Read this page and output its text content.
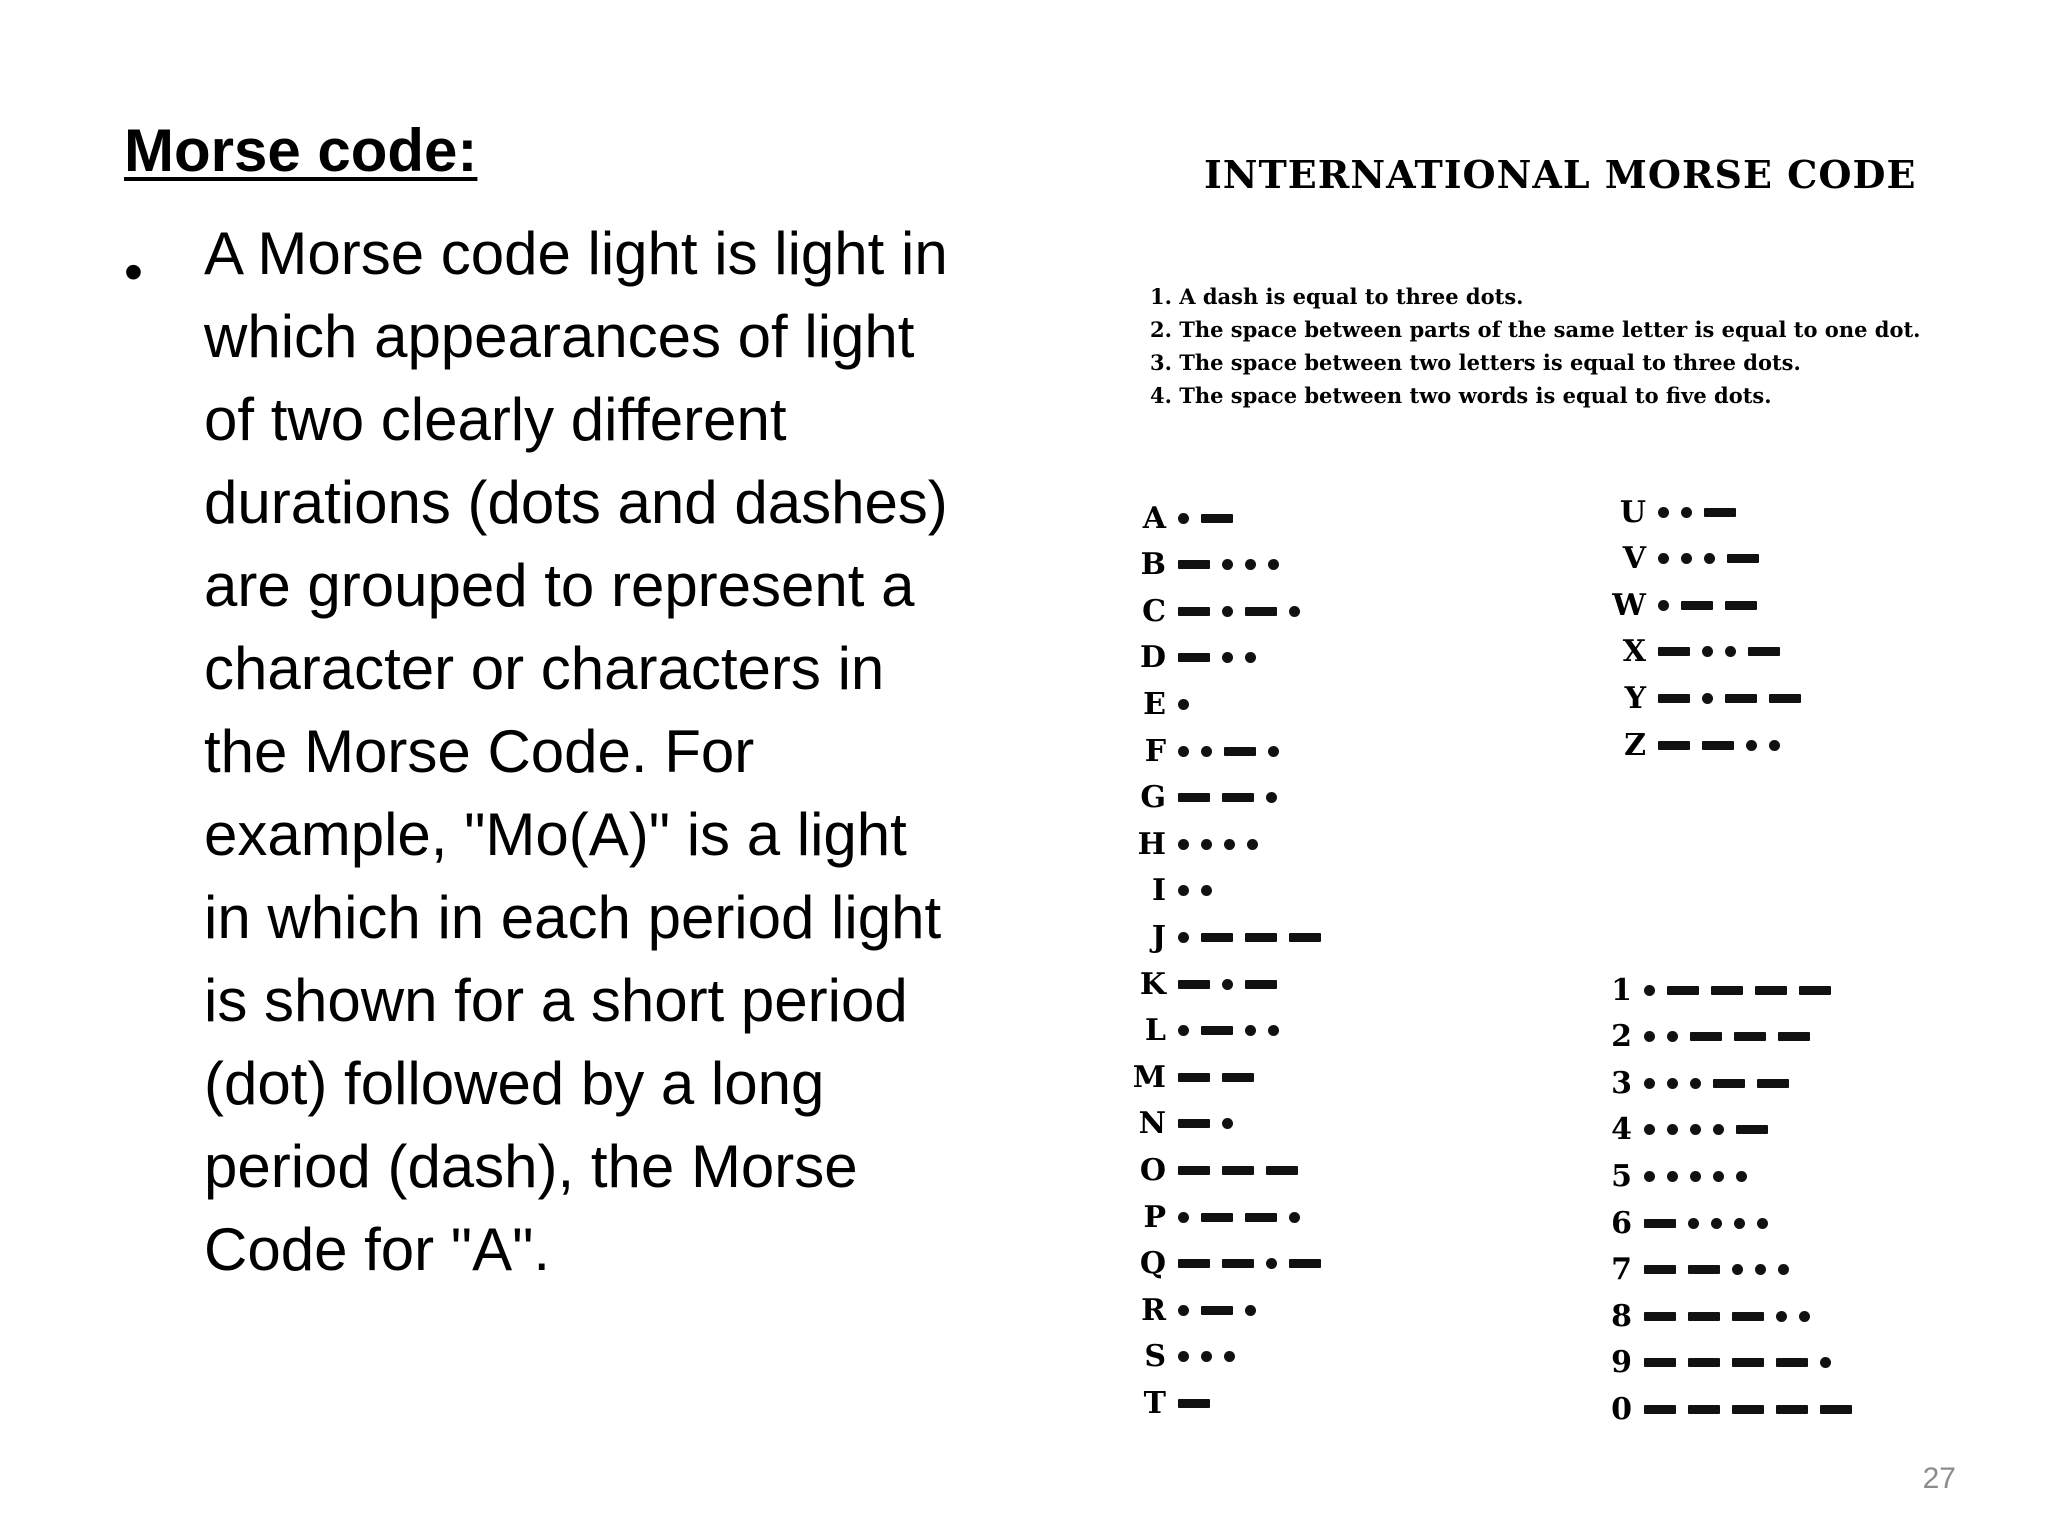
Morse code:
• A Morse code light is light in
which appearances of light
of two clearly different
durations (dots and dashes)
are grouped to represent a
character or characters in
the Morse Code. For
example, "Mo(A)" is a light
in which in each period light
is shown for a short period
(dot) followed by a long
period (dash), the Morse
Code for "A".
INTERNATIONAL MORSE CODE
1. A dash is equal to three dots.
2. The space between parts of the same letter is equal to one dot.
3. The space between two letters is equal to three dots.
4. The space between two words is equal to five dots.
A
B
C
D
E
F
G
H
I
J
K
L
M
N
O
P
Q
R
S
T
U
V
W
X
Y
Z
1
2
3
4
5
6
7
8
9
0
27
